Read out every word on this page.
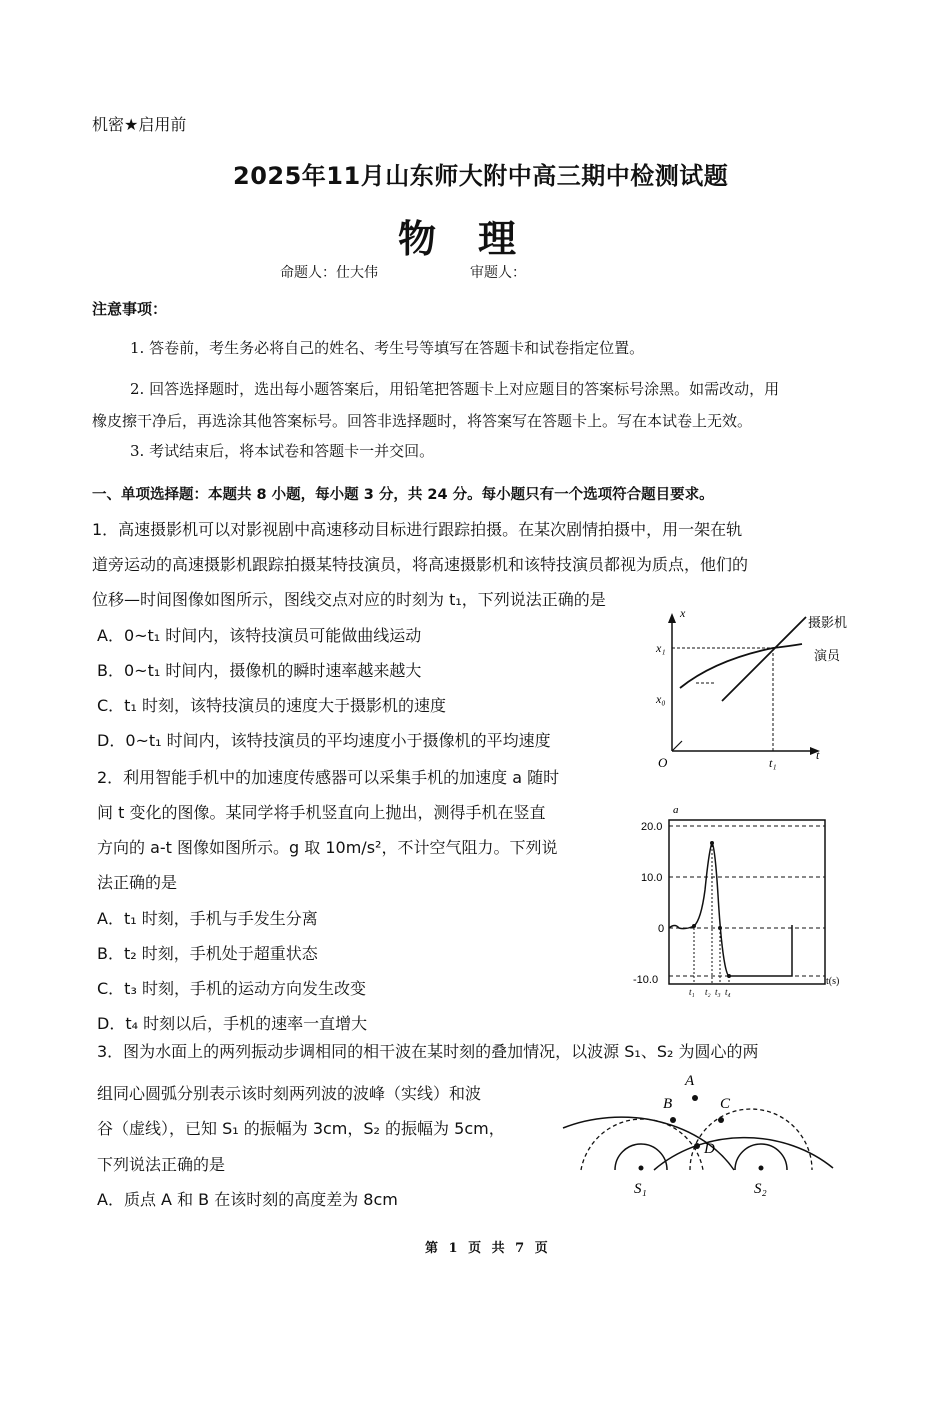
机密★启用前
2025年11月山东师大附中高三期中检测试题
物理
命题人：仕大伟	审题人：
注意事项：
1. 答卷前，考生务必将自己的姓名、考生号等填写在答题卡和试卷指定位置。
2. 回答选择题时，选出每小题答案后，用铅笔把答题卡上对应题目的答案标号涂黑。如需改动，用
橡皮擦干净后，再选涂其他答案标号。回答非选择题时，将答案写在答题卡上。写在本试卷上无效。
3. 考试结束后，将本试卷和答题卡一并交回。
一、单项选择题：本题共 8 小题，每小题 3 分，共 24 分。每小题只有一个选项符合题目要求。
1．高速摄影机可以对影视剧中高速移动目标进行跟踪拍摄。在某次剧情拍摄中，用一架在轨
道旁运动的高速摄影机跟踪拍摄某特技演员，将高速摄影机和该特技演员都视为质点，他们的
位移—时间图像如图所示，图线交点对应的时刻为 t₁，下列说法正确的是
A．0~t₁ 时间内，该特技演员可能做曲线运动
B．0~t₁ 时间内，摄像机的瞬时速率越来越大
C．t₁ 时刻，该特技演员的速度大于摄影机的速度
D．0~t₁ 时间内，该特技演员的平均速度小于摄像机的平均速度
x
x₁
x₀
O	t₁
t
摄影机
演员
2．利用智能手机中的加速度传感器可以采集手机的加速度 a 随时
间 t 变化的图像。某同学将手机竖直向上抛出，测得手机在竖直
方向的 a-t 图像如图所示。g 取 10m/s²，不计空气阻力。下列说
法正确的是
A．t₁ 时刻，手机与手发生分离
B．t₂ 时刻，手机处于超重状态
C．t₃ 时刻，手机的运动方向发生改变
D．t₄ 时刻以后，手机的速率一直增大
a
20.0
10.0
0
-10.0
t₁ t₂ t₃ t₄
t(s)
3．图为水面上的两列振动步调相同的相干波在某时刻的叠加情况，以波源 S₁、S₂ 为圆心的两
组同心圆弧分别表示该时刻两列波的波峰（实线）和波
谷（虚线），已知 S₁ 的振幅为 3cm，S₂ 的振幅为 5cm，
下列说法正确的是
A．质点 A 和 B 在该时刻的高度差为 8cm
A
B	C
D
S₁	S₂
第 1 页 共 7 页
